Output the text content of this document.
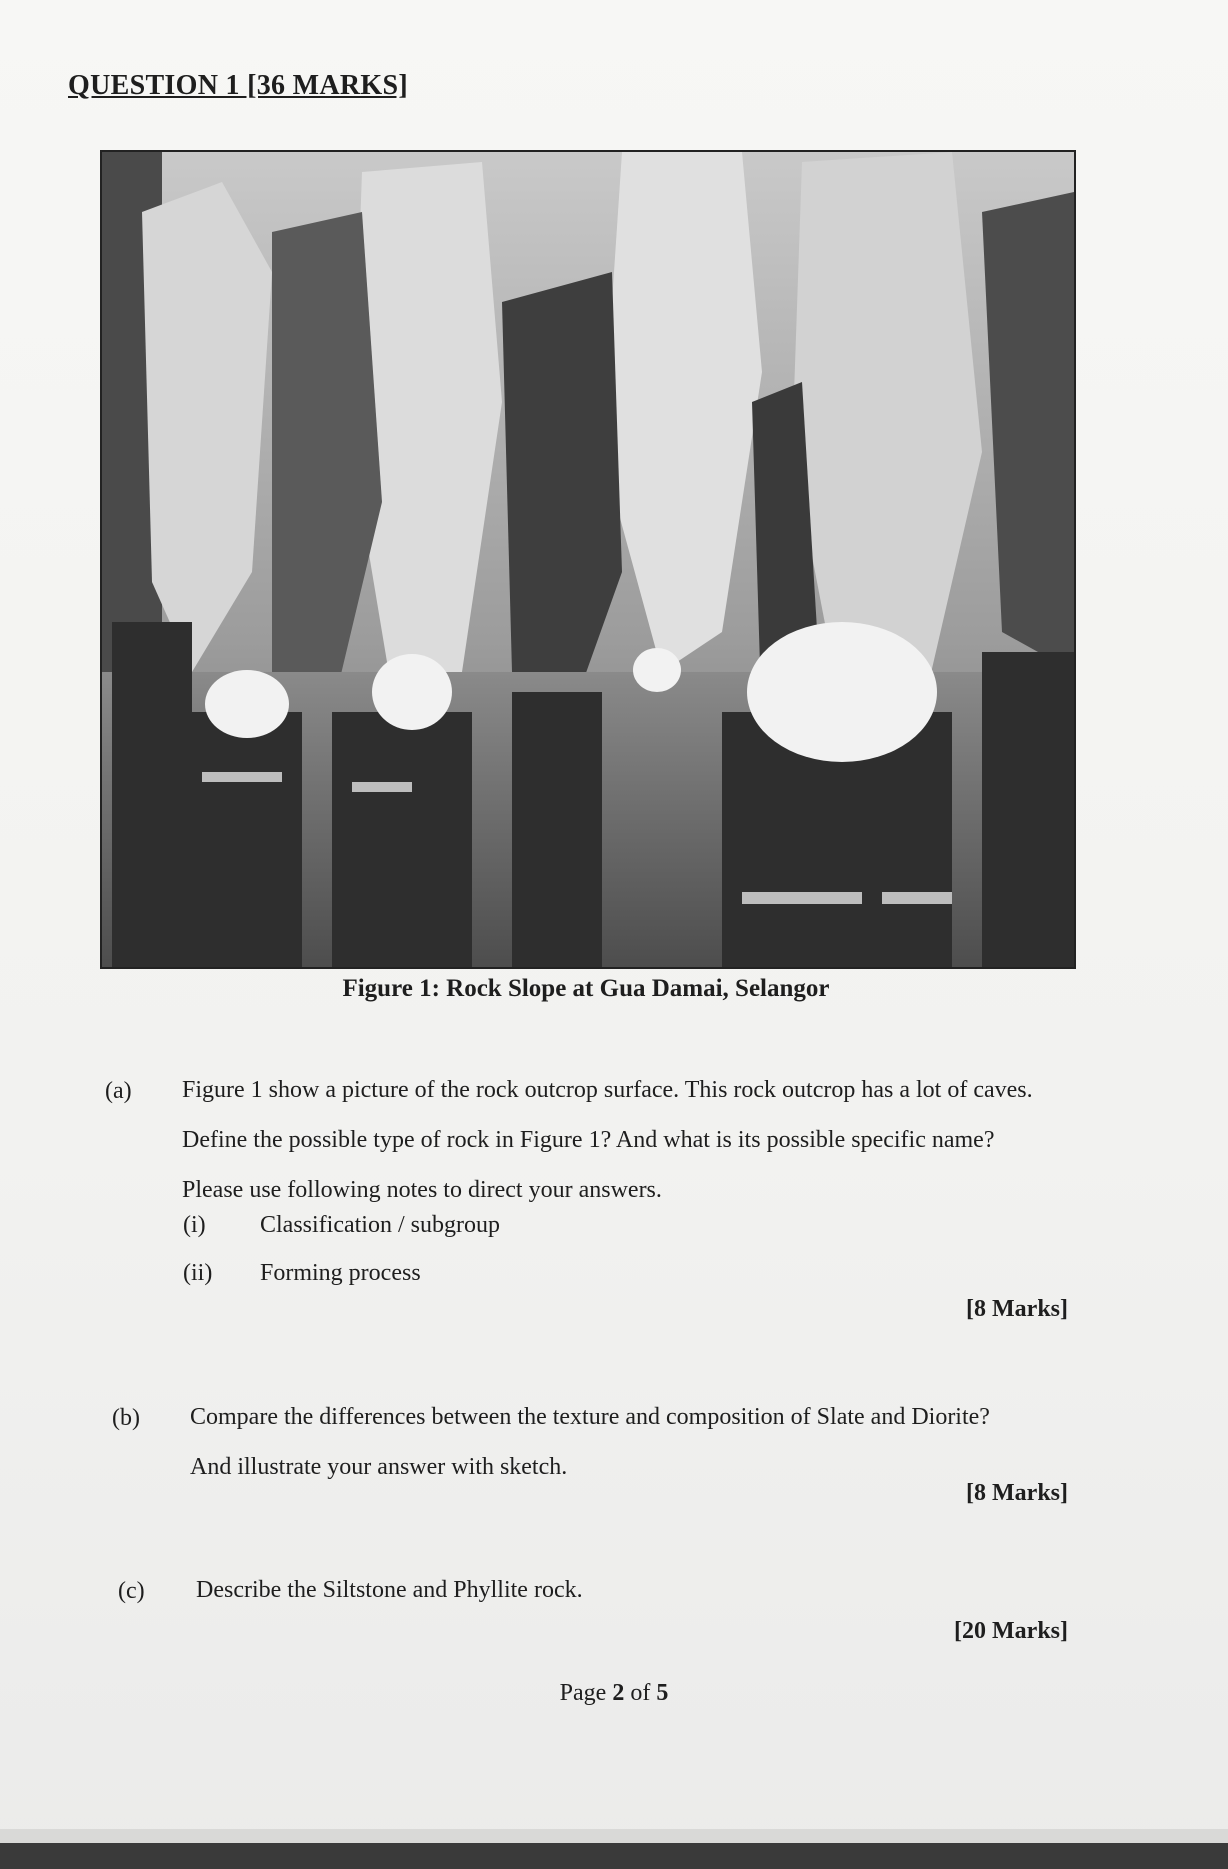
QUESTION 1 [36 MARKS]
Figure 1: Rock Slope at Gua Damai, Selangor
(a) Figure 1 show a picture of the rock outcrop surface. This rock outcrop has a lot of caves.
Define the possible type of rock in Figure 1? And what is its possible specific name?
Please use following notes to direct your answers.
(i) Classification / subgroup
(ii) Forming process
[8 Marks]
(b) Compare the differences between the texture and composition of Slate and Diorite?
And illustrate your answer with sketch.
[8 Marks]
(c) Describe the Siltstone and Phyllite rock.
[20 Marks]
Page 2 of 5
